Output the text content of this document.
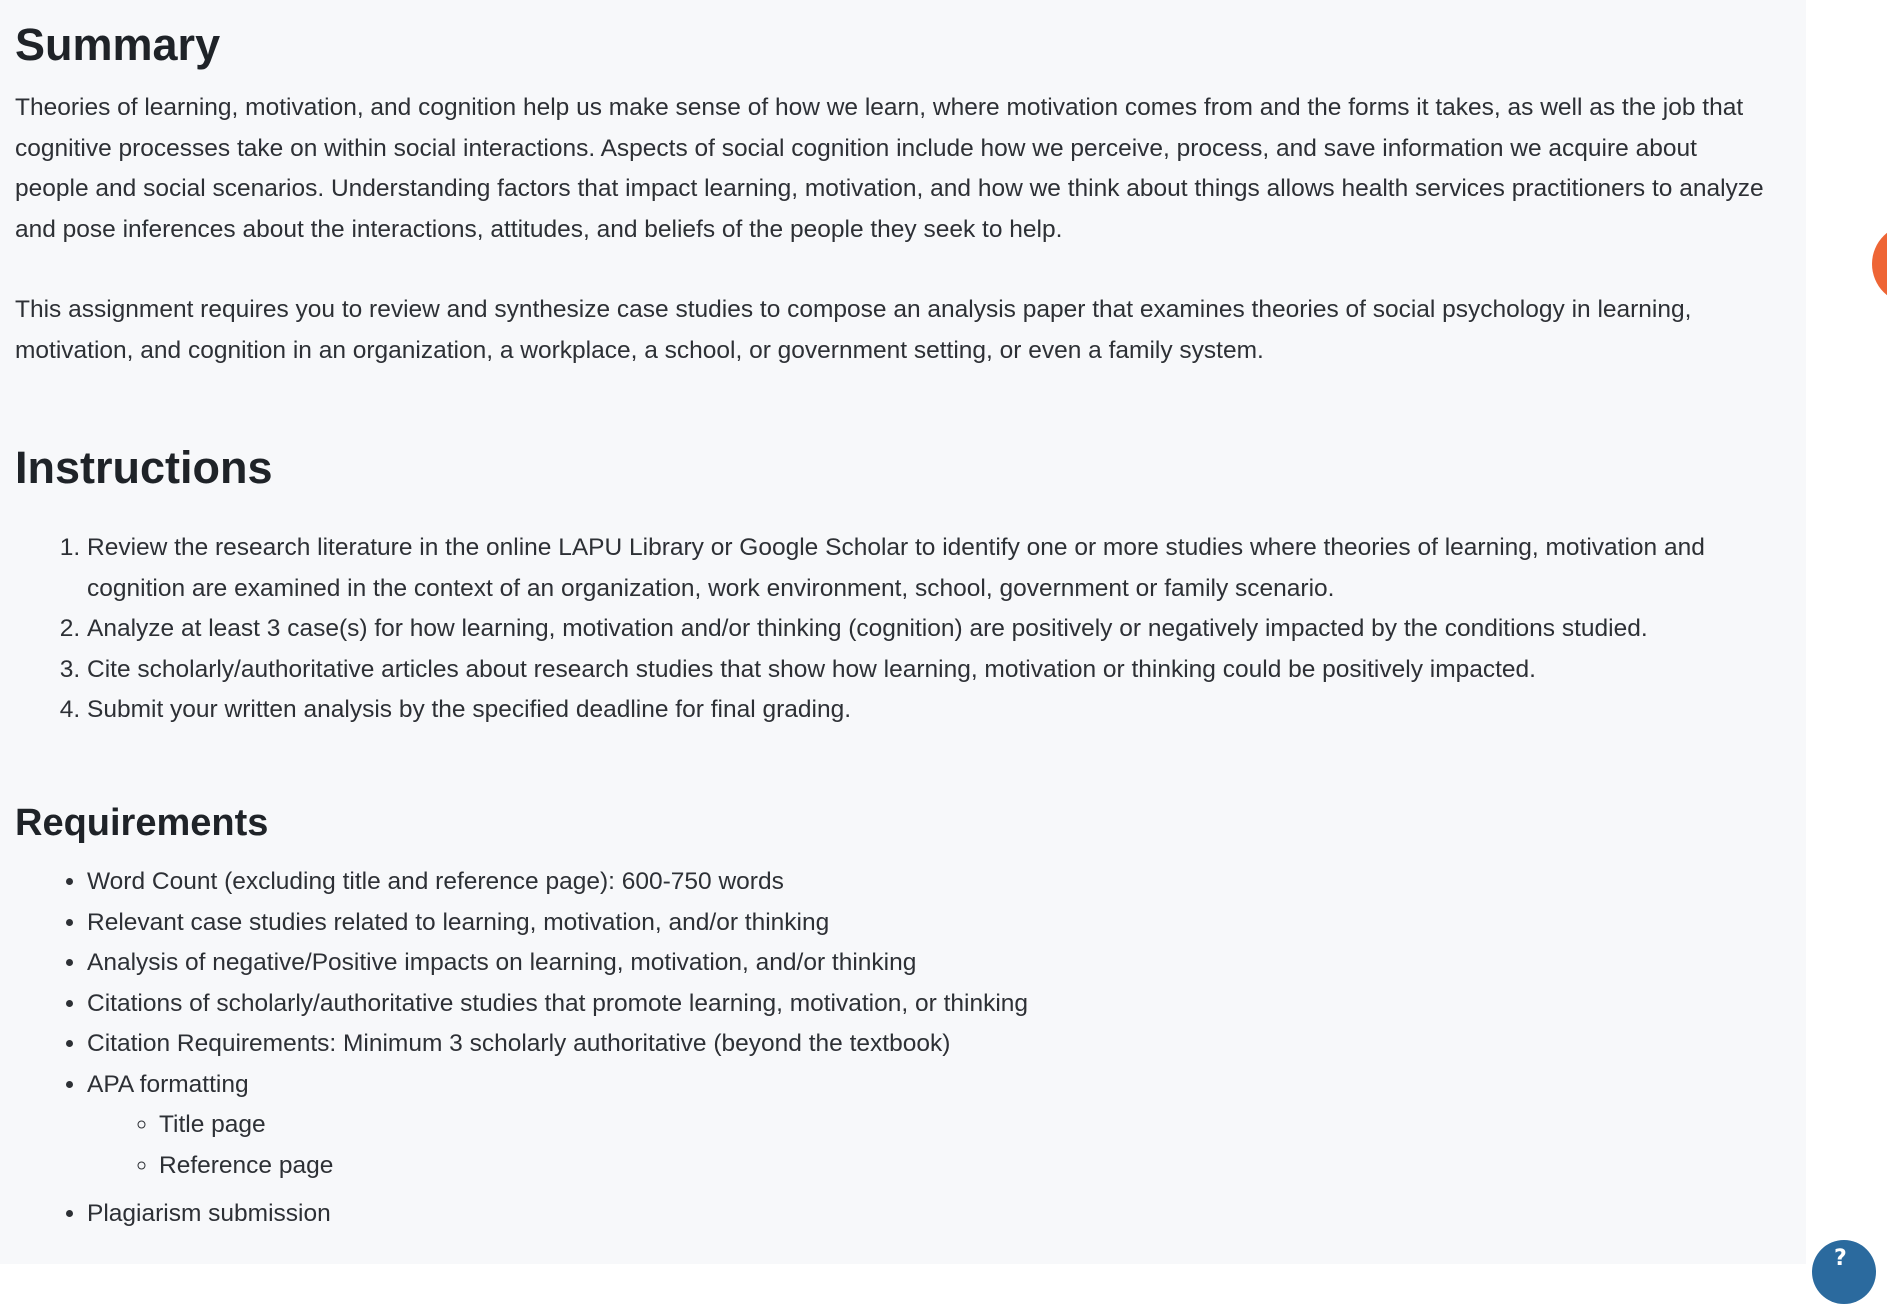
Summary

Theories of learning, motivation, and cognition help us make sense of how we learn, where motivation comes from and the forms it takes, as well as the job that cognitive processes take on within social interactions. Aspects of social cognition include how we perceive, process, and save information we acquire about people and social scenarios. Understanding factors that impact learning, motivation, and how we think about things allows health services practitioners to analyze and pose inferences about the interactions, attitudes, and beliefs of the people they seek to help.

This assignment requires you to review and synthesize case studies to compose an analysis paper that examines theories of social psychology in learning, motivation, and cognition in an organization, a workplace, a school, or government setting, or even a family system.

Instructions
1. Review the research literature in the online LAPU Library or Google Scholar to identify one or more studies where theories of learning, motivation and cognition are examined in the context of an organization, work environment, school, government or family scenario.
2. Analyze at least 3 case(s) for how learning, motivation and/or thinking (cognition) are positively or negatively impacted by the conditions studied.
3. Cite scholarly/authoritative articles about research studies that show how learning, motivation or thinking could be positively impacted.
4. Submit your written analysis by the specified deadline for final grading.
Requirements
• Word Count (excluding title and reference page): 600-750 words
• Relevant case studies related to learning, motivation, and/or thinking
• Analysis of negative/Positive impacts on learning, motivation, and/or thinking
• Citations of scholarly/authoritative studies that promote learning, motivation, or thinking
• Citation Requirements: Minimum 3 scholarly authoritative (beyond the textbook)
• APA formatting
◦ Title page
◦ Reference page
• Plagiarism submission
?
